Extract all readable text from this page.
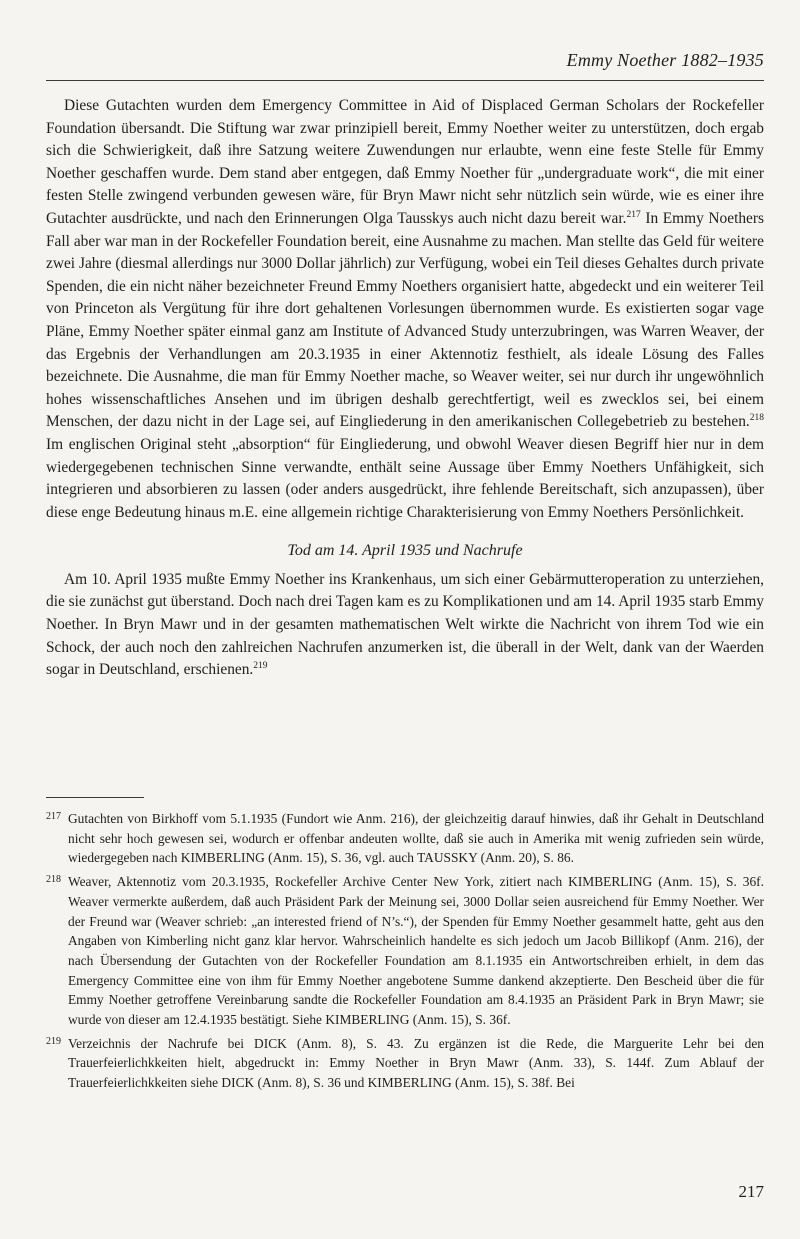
Emmy Noether 1882–1935

Diese Gutachten wurden dem Emergency Committee in Aid of Displaced German Scholars der Rockefeller Foundation übersandt. Die Stiftung war zwar prinzipiell bereit, Emmy Noether weiter zu unterstützen, doch ergab sich die Schwierigkeit, daß ihre Satzung weitere Zuwendungen nur erlaubte, wenn eine feste Stelle für Emmy Noether geschaffen wurde. Dem stand aber entgegen, daß Emmy Noether für „undergraduate work“, die mit einer festen Stelle zwingend verbunden gewesen wäre, für Bryn Mawr nicht sehr nützlich sein würde, wie es einer ihre Gutachter ausdrückte, und nach den Erinnerungen Olga Tausskys auch nicht dazu bereit war.$^{217}$ In Emmy Noethers Fall aber war man in der Rockefeller Foundation bereit, eine Ausnahme zu machen. Man stellte das Geld für weitere zwei Jahre (diesmal allerdings nur 3000 Dollar jährlich) zur Verfügung, wobei ein Teil dieses Gehaltes durch private Spenden, die ein nicht näher bezeichneter Freund Emmy Noethers organisiert hatte, abgedeckt und ein weiterer Teil von Princeton als Vergütung für ihre dort gehaltenen Vorlesungen übernommen wurde. Es existierten sogar vage Pläne, Emmy Noether später einmal ganz am Institute of Advanced Study unterzubringen, was Warren Weaver, der das Ergebnis der Verhandlungen am 20.3.1935 in einer Aktennotiz festhielt, als ideale Lösung des Falles bezeichnete. Die Ausnahme, die man für Emmy Noether mache, so Weaver weiter, sei nur durch ihr ungewöhnlich hohes wissenschaftliches Ansehen und im übrigen deshalb gerechtfertigt, weil es zwecklos sei, bei einem Menschen, der dazu nicht in der Lage sei, auf Eingliederung in den amerikanischen Collegebetrieb zu bestehen.$^{218}$ Im englischen Original steht „absorption“ für Eingliederung, und obwohl Weaver diesen Begriff hier nur in dem wiedergegebenen technischen Sinne verwandte, enthält seine Aussage über Emmy Noethers Unfähigkeit, sich integrieren und absorbieren zu lassen (oder anders ausgedrückt, ihre fehlende Bereitschaft, sich anzupassen), über diese enge Bedeutung hinaus m.E. eine allgemein richtige Charakterisierung von Emmy Noethers Persönlichkeit.

Tod am 14. April 1935 und Nachrufe

Am 10. April 1935 mußte Emmy Noether ins Krankenhaus, um sich einer Gebärmutteroperation zu unterziehen, die sie zunächst gut überstand. Doch nach drei Tagen kam es zu Komplikationen und am 14. April 1935 starb Emmy Noether. In Bryn Mawr und in der gesamten mathematischen Welt wirkte die Nachricht von ihrem Tod wie ein Schock, der auch noch den zahlreichen Nachrufen anzumerken ist, die überall in der Welt, dank van der Waerden sogar in Deutschland, erschienen.$^{219}$

217 Gutachten von Birkhoff vom 5.1.1935 (Fundort wie Anm. 216), der gleichzeitig darauf hinwies, daß ihr Gehalt in Deutschland nicht sehr hoch gewesen sei, wodurch er offenbar andeuten wollte, daß sie auch in Amerika mit wenig zufrieden sein würde, wiedergegeben nach KIMBERLING (Anm. 15), S. 36, vgl. auch TAUSSKY (Anm. 20), S. 86.
218 Weaver, Aktennotiz vom 20.3.1935, Rockefeller Archive Center New York, zitiert nach KIMBERLING (Anm. 15), S. 36f. Weaver vermerkte außerdem, daß auch Präsident Park der Meinung sei, 3000 Dollar seien ausreichend für Emmy Noether. Wer der Freund war (Weaver schrieb: „an interested friend of N’s.“), der Spenden für Emmy Noether gesammelt hatte, geht aus den Angaben von Kimberling nicht ganz klar hervor. Wahrscheinlich handelte es sich jedoch um Jacob Billikopf (Anm. 216), der nach Übersendung der Gutachten von der Rockefeller Foundation am 8.1.1935 ein Antwortschreiben erhielt, in dem das Emergency Committee eine von ihm für Emmy Noether angebotene Summe dankend akzeptierte. Den Bescheid über die für Emmy Noether getroffene Vereinbarung sandte die Rockefeller Foundation am 8.4.1935 an Präsident Park in Bryn Mawr; sie wurde von dieser am 12.4.1935 bestätigt. Siehe KIMBERLING (Anm. 15), S. 36f.
219 Verzeichnis der Nachrufe bei DICK (Anm. 8), S. 43. Zu ergänzen ist die Rede, die Marguerite Lehr bei den Trauerfeierlichkkeiten hielt, abgedruckt in: Emmy Noether in Bryn Mawr (Anm. 33), S. 144f. Zum Ablauf der Trauerfeierlichkkeiten siehe DICK (Anm. 8), S. 36 und KIMBERLING (Anm. 15), S. 38f. Bei
217
